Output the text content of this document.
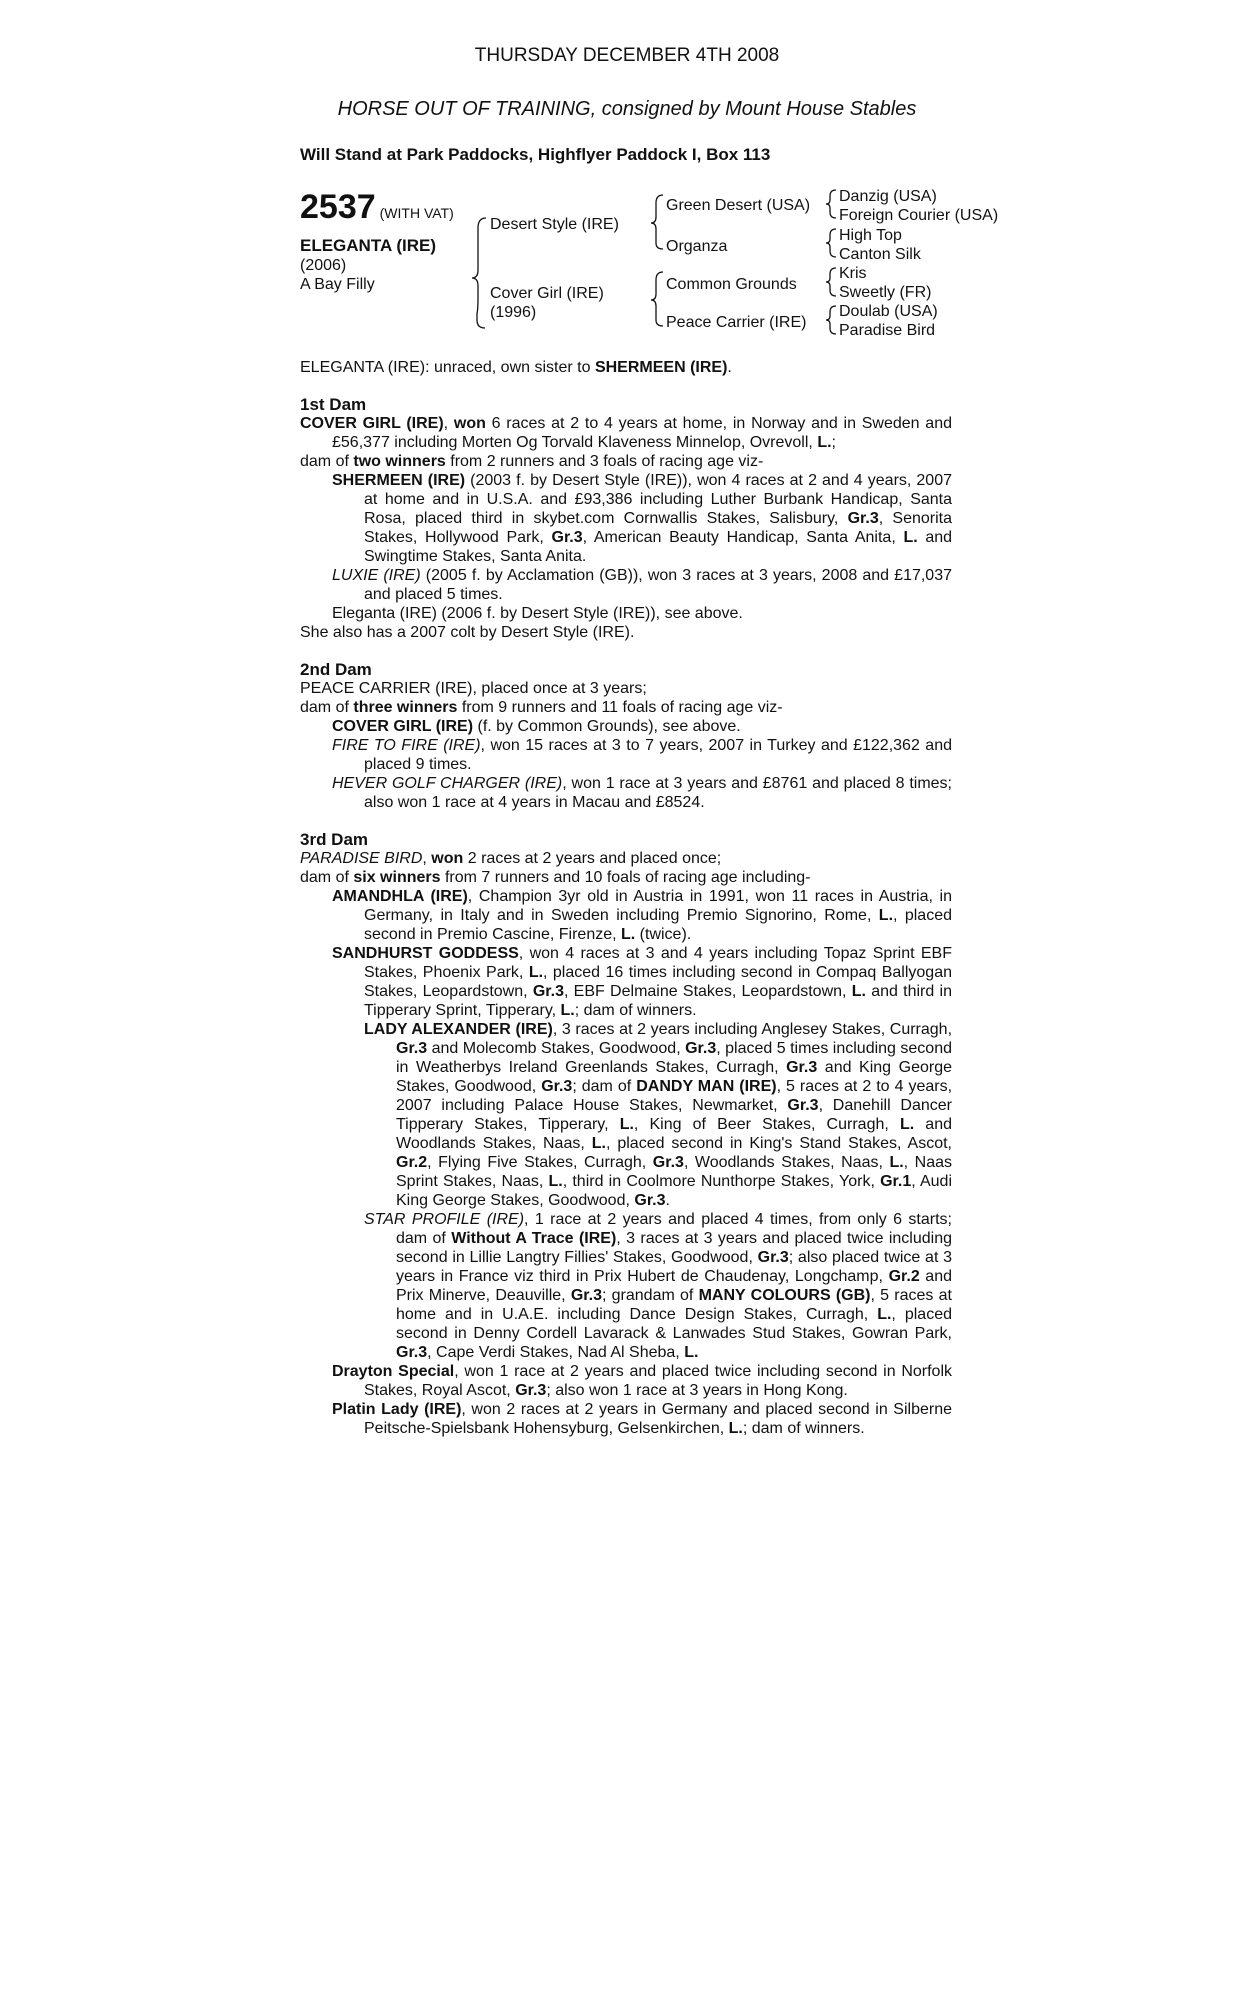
THURSDAY DECEMBER 4TH 2008
HORSE OUT OF TRAINING, consigned by Mount House Stables
Will Stand at Park Paddocks, Highflyer Paddock I, Box 113
2537 (WITH VAT)
ELEGANTA (IRE)
(2006)
A Bay Filly
Desert Style (IRE)
Cover Girl (IRE)
(1996)
Green Desert (USA)
Organza
Common Grounds
Peace Carrier (IRE)
Danzig (USA)
Foreign Courier (USA)
High Top
Canton Silk
Kris
Sweetly (FR)
Doulab (USA)
Paradise Bird

ELEGANTA (IRE): unraced, own sister to SHERMEEN (IRE).

1st Dam

COVER GIRL (IRE), won 6 races at 2 to 4 years at home, in Norway and in Sweden and £56,377 including Morten Og Torvald Klaveness Minnelop, Ovrevoll, L.;

dam of two winners from 2 runners and 3 foals of racing age viz-

SHERMEEN (IRE) (2003 f. by Desert Style (IRE)), won 4 races at 2 and 4 years, 2007 at home and in U.S.A. and £93,386 including Luther Burbank Handicap, Santa Rosa, placed third in skybet.com Cornwallis Stakes, Salisbury, Gr.3, Senorita Stakes, Hollywood Park, Gr.3, American Beauty Handicap, Santa Anita, L. and Swingtime Stakes, Santa Anita.

LUXIE (IRE) (2005 f. by Acclamation (GB)), won 3 races at 3 years, 2008 and £17,037 and placed 5 times.

Eleganta (IRE) (2006 f. by Desert Style (IRE)), see above.

She also has a 2007 colt by Desert Style (IRE).

2nd Dam

PEACE CARRIER (IRE), placed once at 3 years;

dam of three winners from 9 runners and 11 foals of racing age viz-

COVER GIRL (IRE) (f. by Common Grounds), see above.

FIRE TO FIRE (IRE), won 15 races at 3 to 7 years, 2007 in Turkey and £122,362 and placed 9 times.

HEVER GOLF CHARGER (IRE), won 1 race at 3 years and £8761 and placed 8 times; also won 1 race at 4 years in Macau and £8524.

3rd Dam

PARADISE BIRD, won 2 races at 2 years and placed once;

dam of six winners from 7 runners and 10 foals of racing age including-

AMANDHLA (IRE), Champion 3yr old in Austria in 1991, won 11 races in Austria, in Germany, in Italy and in Sweden including Premio Signorino, Rome, L., placed second in Premio Cascine, Firenze, L. (twice).

SANDHURST GODDESS, won 4 races at 3 and 4 years including Topaz Sprint EBF Stakes, Phoenix Park, L., placed 16 times including second in Compaq Ballyogan Stakes, Leopardstown, Gr.3, EBF Delmaine Stakes, Leopardstown, L. and third in Tipperary Sprint, Tipperary, L.; dam of winners.

LADY ALEXANDER (IRE), 3 races at 2 years including Anglesey Stakes, Curragh, Gr.3 and Molecomb Stakes, Goodwood, Gr.3, placed 5 times including second in Weatherbys Ireland Greenlands Stakes, Curragh, Gr.3 and King George Stakes, Goodwood, Gr.3; dam of DANDY MAN (IRE), 5 races at 2 to 4 years, 2007 including Palace House Stakes, Newmarket, Gr.3, Danehill Dancer Tipperary Stakes, Tipperary, L., King of Beer Stakes, Curragh, L. and Woodlands Stakes, Naas, L., placed second in King's Stand Stakes, Ascot, Gr.2, Flying Five Stakes, Curragh, Gr.3, Woodlands Stakes, Naas, L., Naas Sprint Stakes, Naas, L., third in Coolmore Nunthorpe Stakes, York, Gr.1, Audi King George Stakes, Goodwood, Gr.3.

STAR PROFILE (IRE), 1 race at 2 years and placed 4 times, from only 6 starts; dam of Without A Trace (IRE), 3 races at 3 years and placed twice including second in Lillie Langtry Fillies' Stakes, Goodwood, Gr.3; also placed twice at 3 years in France viz third in Prix Hubert de Chaudenay, Longchamp, Gr.2 and Prix Minerve, Deauville, Gr.3; grandam of MANY COLOURS (GB), 5 races at home and in U.A.E. including Dance Design Stakes, Curragh, L., placed second in Denny Cordell Lavarack & Lanwades Stud Stakes, Gowran Park, Gr.3, Cape Verdi Stakes, Nad Al Sheba, L.

Drayton Special, won 1 race at 2 years and placed twice including second in Norfolk Stakes, Royal Ascot, Gr.3; also won 1 race at 3 years in Hong Kong.

Platin Lady (IRE), won 2 races at 2 years in Germany and placed second in Silberne Peitsche-Spielsbank Hohensyburg, Gelsenkirchen, L.; dam of winners.
